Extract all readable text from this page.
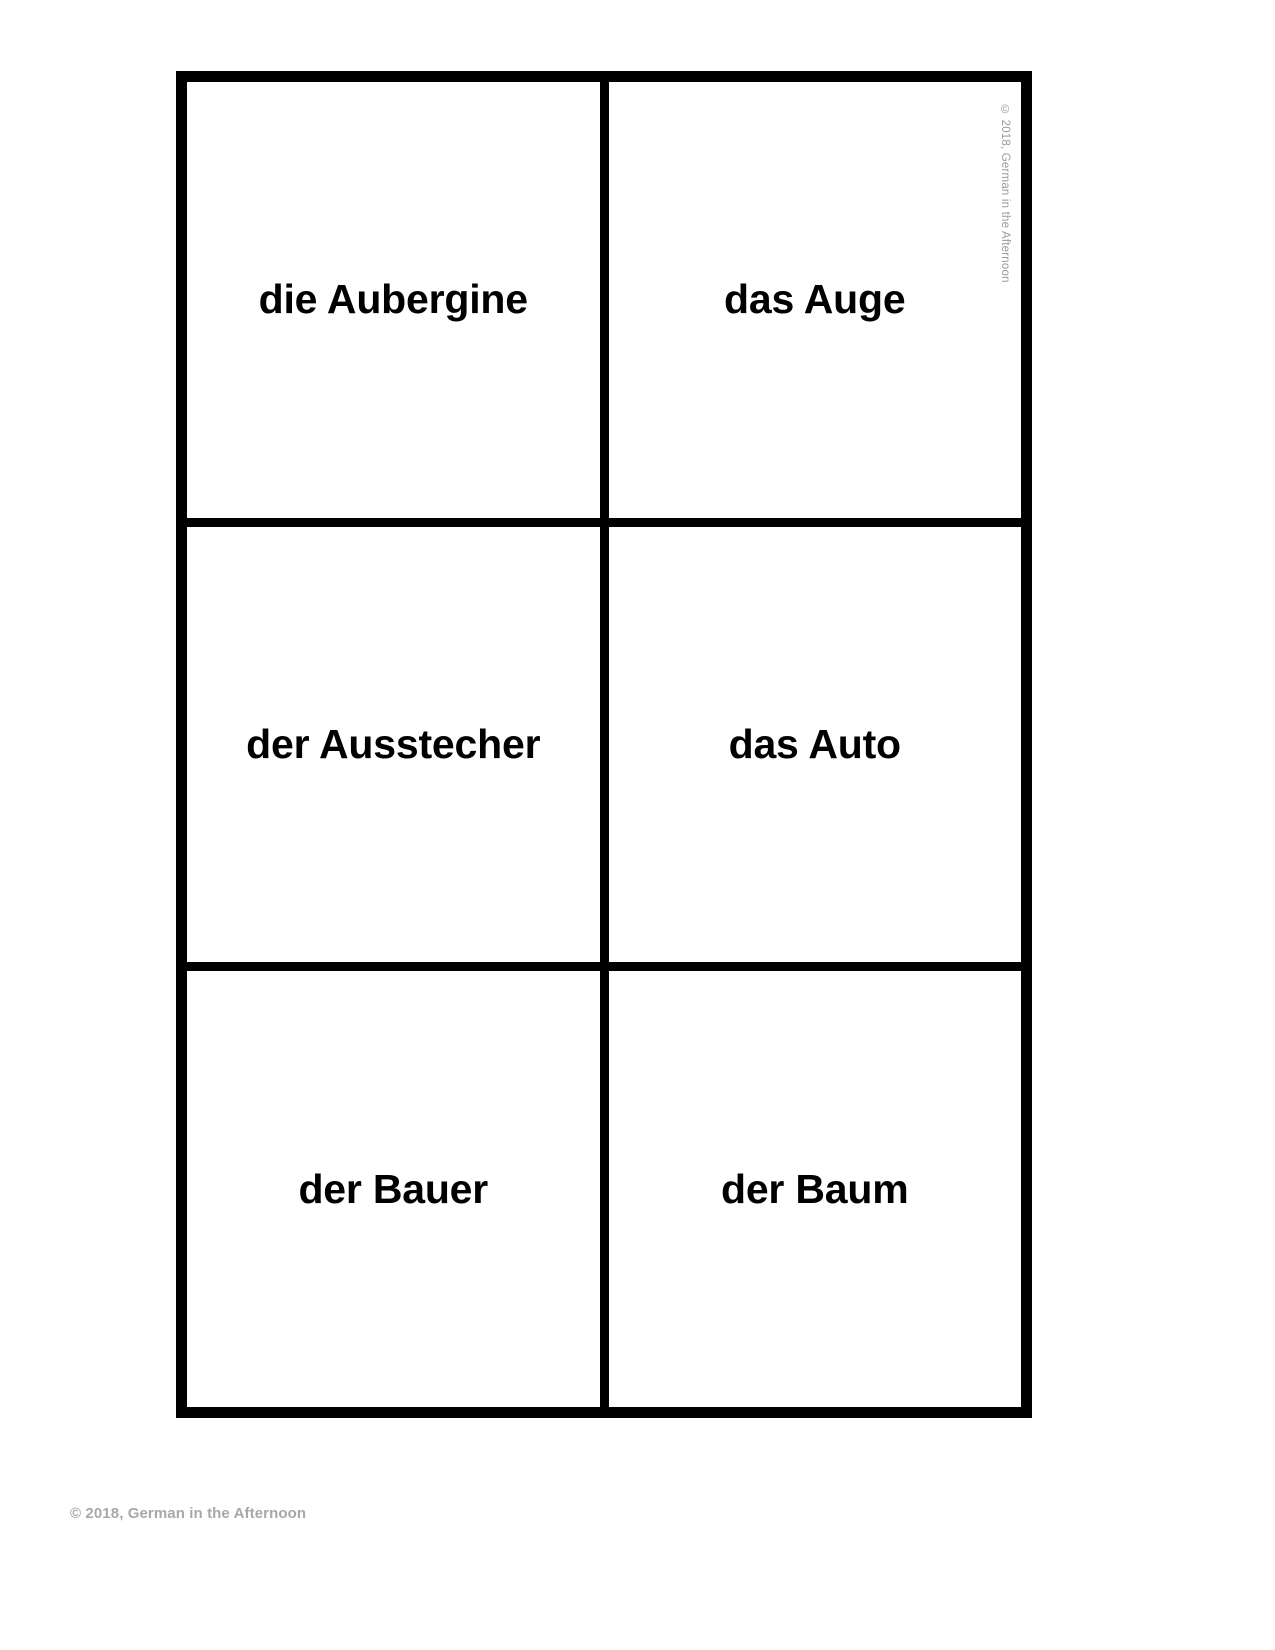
die Aubergine	das Auge
© 2018, German in the Afternoon
der Ausstecher	das Auto
der Bauer	der Baum
© 2018, German in the Afternoon
